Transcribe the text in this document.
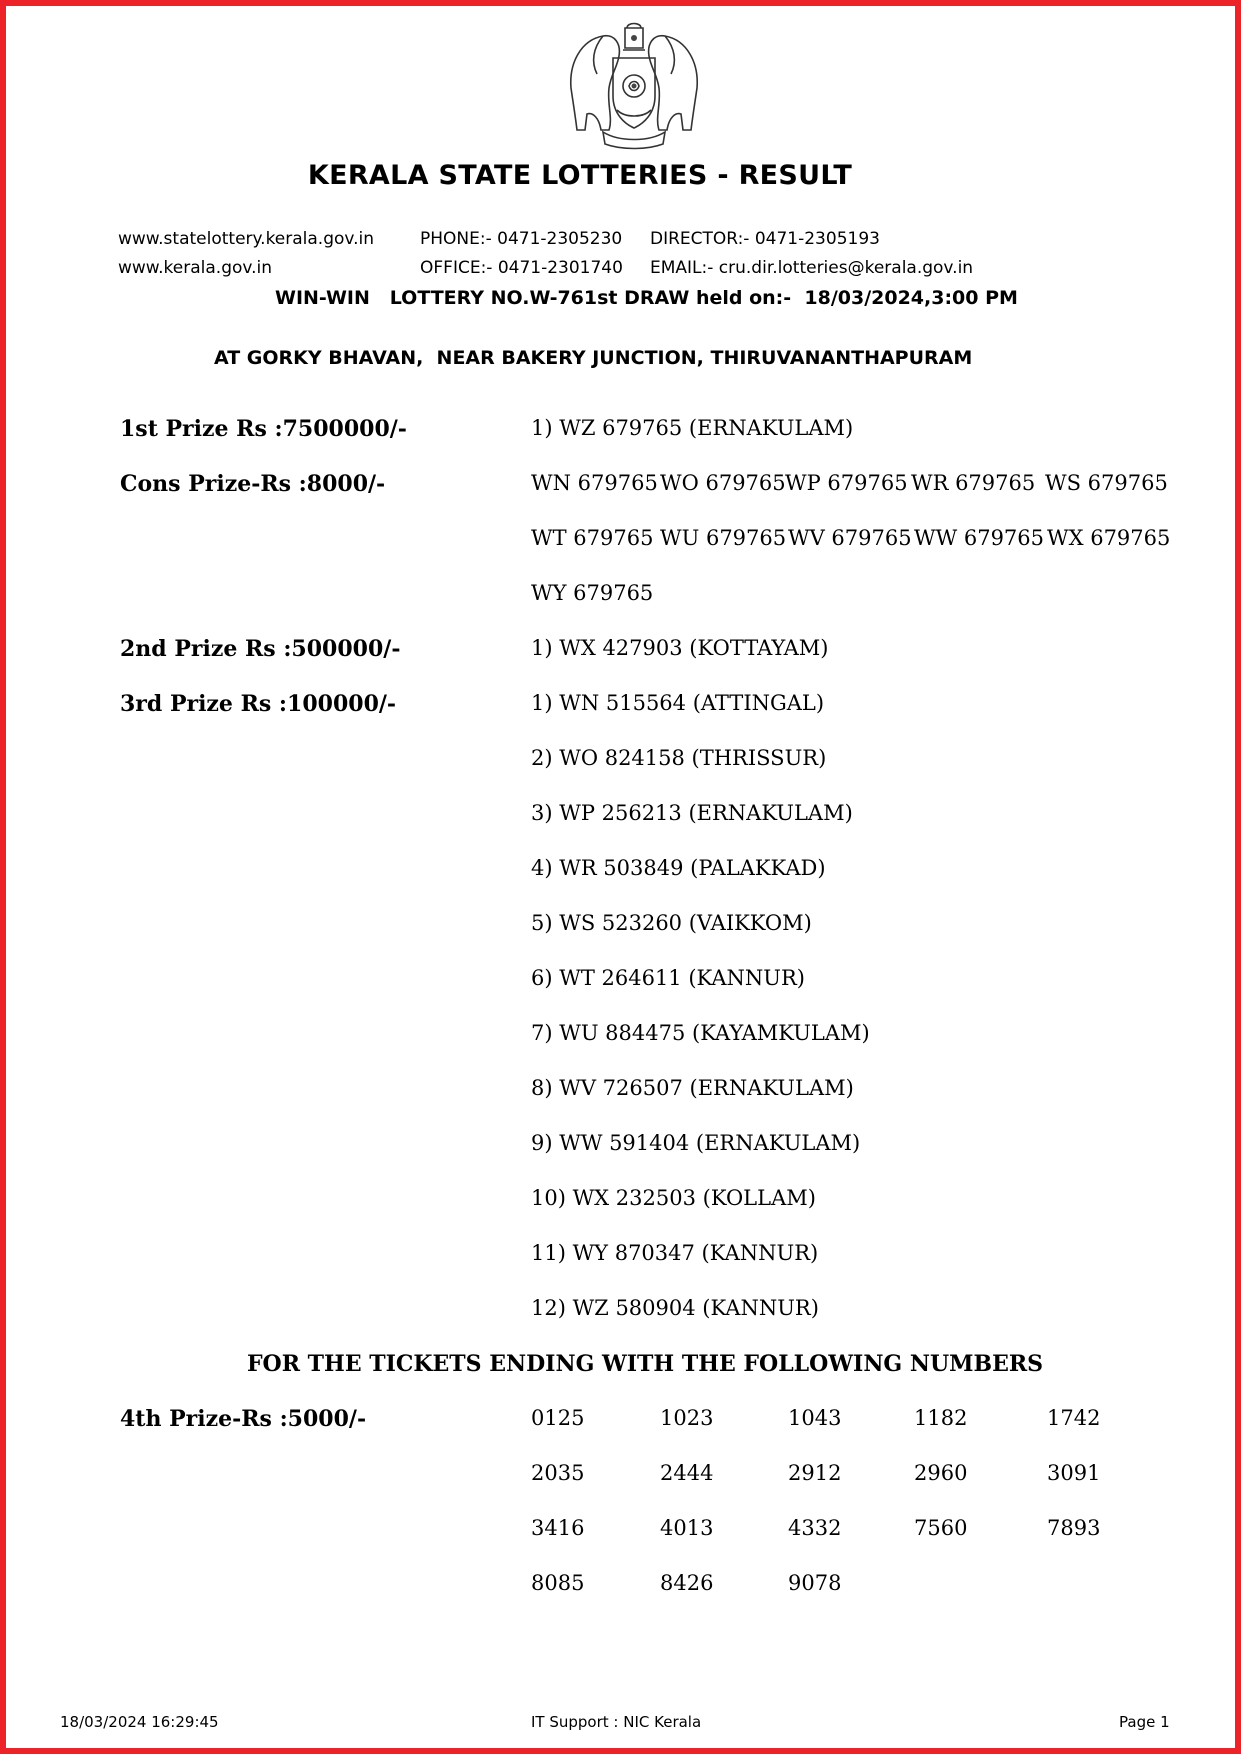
KERALA STATE LOTTERIES - RESULT
www.statelottery.kerala.gov.in
www.kerala.gov.in
PHONE:- 0471-2305230
OFFICE:- 0471-2301740
DIRECTOR:- 0471-2305193
EMAIL:- cru.dir.lotteries@kerala.gov.in
WIN-WIN   LOTTERY NO.W-761st DRAW held on:-  18/03/2024,3:00 PM
AT GORKY BHAVAN,  NEAR BAKERY JUNCTION, THIRUVANANTHAPURAM
1st Prize Rs :7500000/-	1) WZ 679765 (ERNAKULAM)
Cons Prize-Rs :8000/-	WN 679765 WO 679765WP 679765 WR 679765 WS 679765
WT 679765 WU 679765WV 679765 WW 679765 WX 679765
WY 679765
2nd Prize Rs :500000/-	1) WX 427903 (KOTTAYAM)
3rd Prize Rs :100000/-	1) WN 515564 (ATTINGAL)
2) WO 824158 (THRISSUR)
3) WP 256213 (ERNAKULAM)
4) WR 503849 (PALAKKAD)
5) WS 523260 (VAIKKOM)
6) WT 264611 (KANNUR)
7) WU 884475 (KAYAMKULAM)
8) WV 726507 (ERNAKULAM)
9) WW 591404 (ERNAKULAM)
10) WX 232503 (KOLLAM)
11) WY 870347 (KANNUR)
12) WZ 580904 (KANNUR)
FOR THE TICKETS ENDING WITH THE FOLLOWING NUMBERS
4th Prize-Rs :5000/-	0125	1023	1043	1182	1742
2035	2444	2912	2960	3091
3416	4013	4332	7560	7893
8085	8426	9078
18/03/2024 16:29:45	IT Support : NIC Kerala	Page 1
